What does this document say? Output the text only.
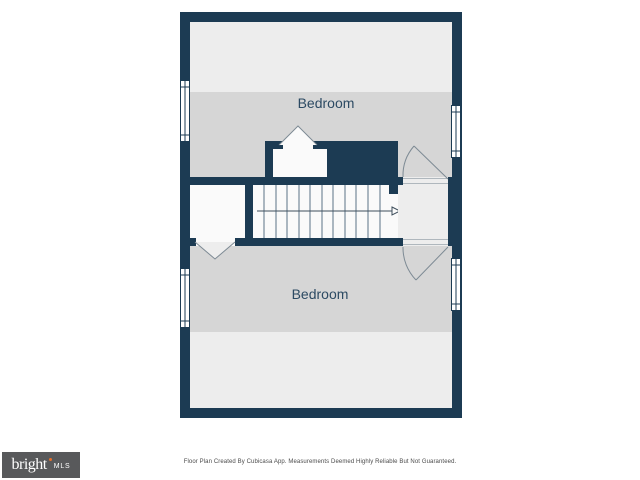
Bedroom
Bedroom
bright MLS
Floor Plan Created By Cubicasa App. Measurements Deemed Highly Reliable But Not Guaranteed.
